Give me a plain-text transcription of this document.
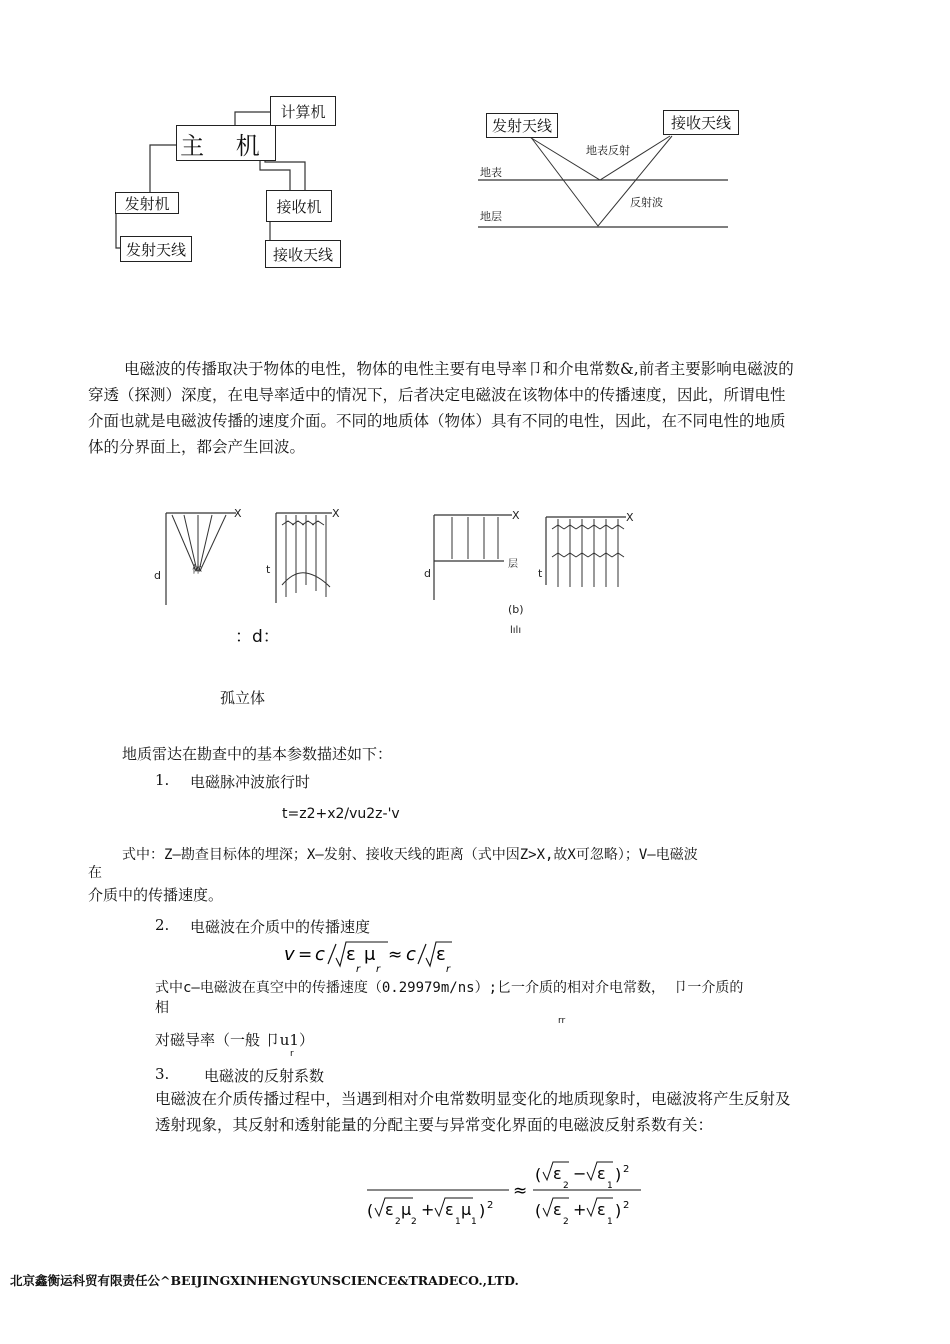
计算机
主 机
发射机	接收机
发射天线	接收天线
发射天线	接收天线
地表反射
地表
反射波
地层
电磁波的传播取决于物体的电性，物体的电性主要有电导率卩和介电常数&,前者主要影响电磁波的
穿透（探测）深度，在电导率适中的情况下，后者决定电磁波在该物体中的传播速度，因此，所谓电性
介面也就是电磁波传播的速度介面。不同的地质体（物体）具有不同的电性，因此，在不同电性的地质
体的分界面上，都会产生回波。
X
d	体
X
t
X
d
层
X
t
(b)
lılı
：d：
孤立体
地质雷达在勘查中的基本参数描述如下：
1. 电磁脉冲波旅行时
t=z2+x2/vu2z-'v
式中：Z—勘查目标体的埋深；X—发射、接收天线的距离（式中因Z>X,故X可忽略）；V—电磁波
在
介质中的传播速度。
2. 电磁波在介质中的传播速度
v = c ε
r
μ
r
≈ c ε
r
式中c—电磁波在真空中的传播速度（0.29979m/ns）;匕一介质的相对介电常数， 卩一介质的
相
rr
对磁导率（一般 卩u1）
r
3. 电磁波的反射系数
电磁波在介质传播过程中，当遇到相对介电常数明显变化的地质现象时，电磁波将产生反射及
透射现象，其反射和透射能量的分配主要与异常变化界面的电磁波反射系数有关：
( ε
2
μ
2
+ ε
1
μ
1
) 2
≈
( ε
2
− ε
1
) 2
( ε
2
+ ε
1
) 2
北京鑫衡运科贸有限责任公^BEIJINGXINHENGYUNSCIENCE&TRADECO.,LTD.
